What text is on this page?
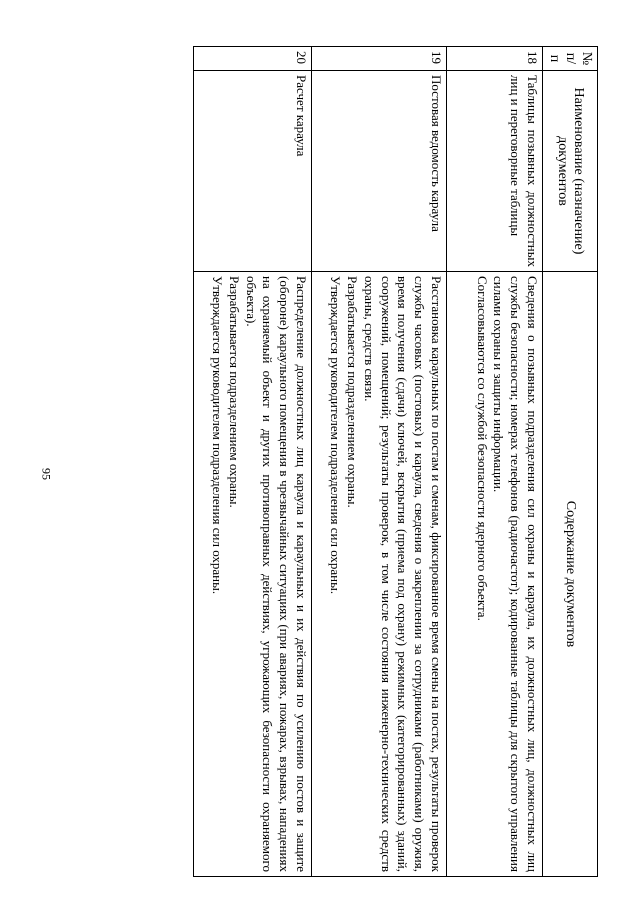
95
№ п/п	Наименование (назначение) документов	Содержание документов
18	Таблицы позывных должностных лиц и переговорные таблицы	Сведения о позывных подразделения сил охраны и караула, их должностных лиц, должностных лиц службы безопасности; номерах телефонов (радиочастот); кодированные таблицы для скрытого управления силами охраны и защиты информации.
Согласовываются со службой безопасности ядерного объекта.

19	Постовая ведомость караула	Расстановка караульных по постам и сменам, фиксированное время смены на постах, результаты проверок службы часовых (постовых) и караула, сведения о закреплении за сотрудниками (работниками) оружия, время получения (сдачи) ключей, вскрытия (приема под охрану) режимных (категорированных) зданий, сооружений, помещений; результаты проверок, в том числе состояния инженерно-технических средств охраны, средств связи.
Разрабатывается подразделением охраны.
Утверждается руководителем подразделения сил охраны.

20	Расчет караула	Распределение должностных лиц караула и караульных и их действия по усилению постов и защите (обороне) караульного помещения в чрезвычайных ситуациях (при авариях, пожарах, взрывах, нападениях на охраняемый объект и других противоправных действиях, угрожающих безопасности охраняемого объекта).
Разрабатывается подразделением охраны.
Утверждается руководителем подразделения сил охраны.
